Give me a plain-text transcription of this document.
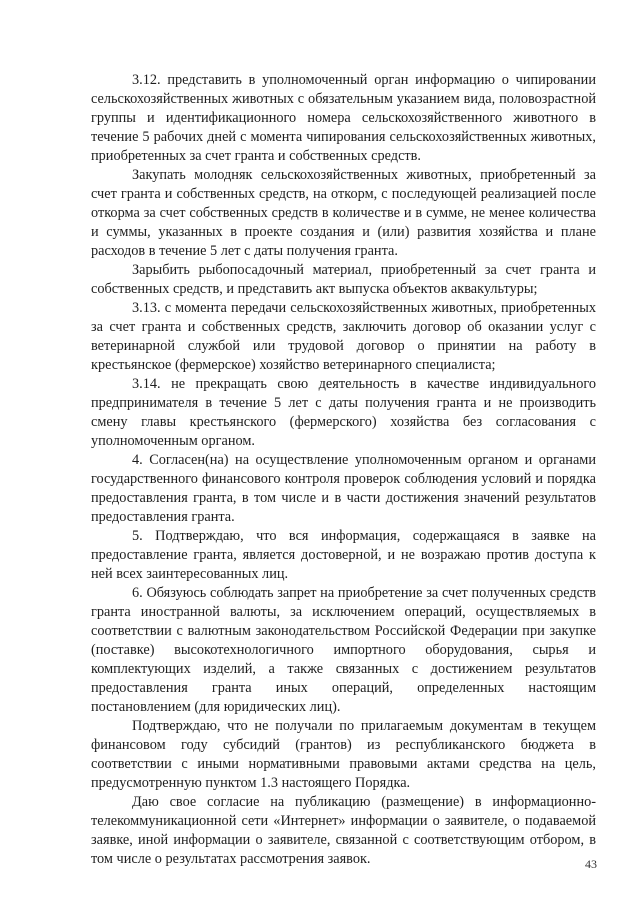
3.12. представить в уполномоченный орган информацию о чипировании сельскохозяйственных животных с обязательным указанием вида, половозрастной группы и идентификационного номера сельскохозяйственного животного в течение 5 рабочих дней с момента чипирования сельскохозяйственных животных, приобретенных за счет гранта и собственных средств.

Закупать молодняк сельскохозяйственных животных, приобретенный за счет гранта и собственных средств, на откорм, с последующей реализацией после откорма за счет собственных средств в количестве и в сумме, не менее количества и суммы, указанных в проекте создания и (или) развития хозяйства и плане расходов в течение 5 лет с даты получения гранта.

Зарыбить рыбопосадочный материал, приобретенный за счет гранта и собственных средств, и представить акт выпуска объектов аквакультуры;

3.13. с момента передачи сельскохозяйственных животных, приобретенных за счет гранта и собственных средств, заключить договор об оказании услуг с ветеринарной службой или трудовой договор о принятии на работу в крестьянское (фермерское) хозяйство ветеринарного специалиста;

3.14. не прекращать свою деятельность в качестве индивидуального предпринимателя в течение 5 лет с даты получения гранта и не производить смену главы крестьянского (фермерского) хозяйства без согласования с уполномоченным органом.

4. Согласен(на) на осуществление уполномоченным органом и органами государственного финансового контроля проверок соблюдения условий и порядка предоставления гранта, в том числе и в части достижения значений результатов предоставления гранта.

5. Подтверждаю, что вся информация, содержащаяся в заявке на предоставление гранта, является достоверной, и не возражаю против доступа к ней всех заинтересованных лиц.

6. Обязуюсь соблюдать запрет на приобретение за счет полученных средств гранта иностранной валюты, за исключением операций, осуществляемых в соответствии с валютным законодательством Российской Федерации при закупке (поставке) высокотехнологичного импортного оборудования, сырья и комплектующих изделий, а также связанных с достижением результатов предоставления гранта иных операций, определенных настоящим постановлением (для юридических лиц).

Подтверждаю, что не получали по прилагаемым документам в текущем финансовом году субсидий (грантов) из республиканского бюджета в соответствии с иными нормативными правовыми актами средства на цель, предусмотренную пунктом 1.3 настоящего Порядка.

Даю свое согласие на публикацию (размещение) в информационно-телекоммуникационной сети «Интернет» информации о заявителе, о подаваемой заявке, иной информации о заявителе, связанной с соответствующим отбором, в том числе о результатах рассмотрения заявок.	43
